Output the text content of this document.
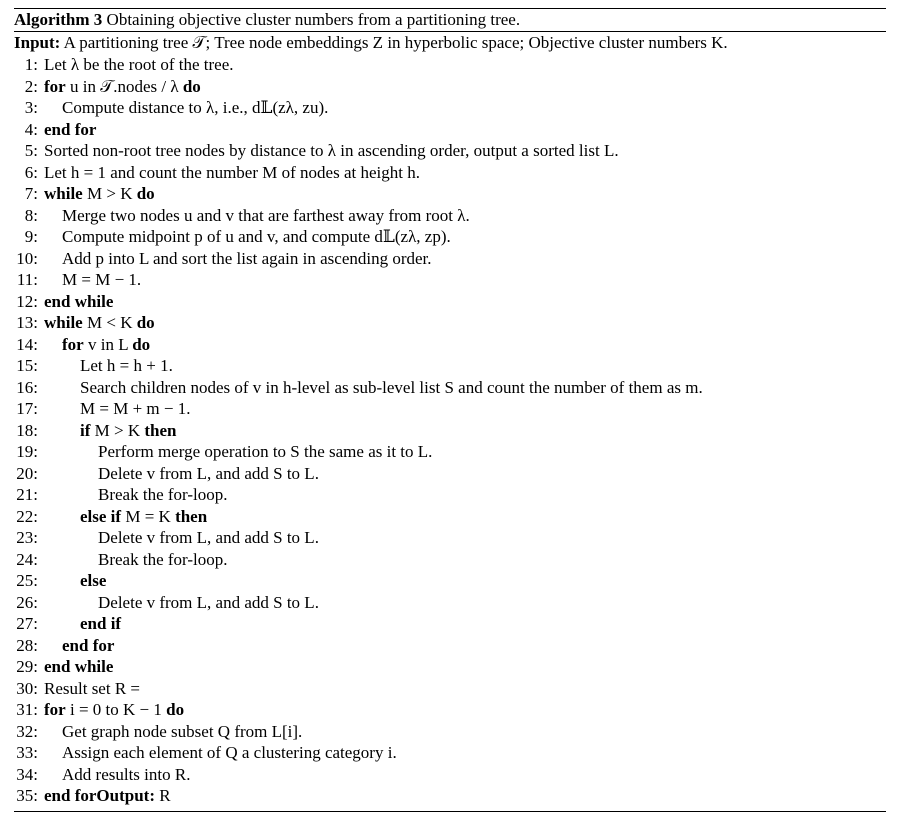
Algorithm 3 Obtaining objective cluster numbers from a partitioning tree.
Input: A partitioning tree 𝒯; Tree node embeddings Z in hyperbolic space; Objective cluster numbers K.
1: Let λ be the root of the tree.
2: for u in 𝒯.nodes / λ do
3: Compute distance to λ, i.e., d𝕃(zλ, zu).
4: end for
5: Sorted non-root tree nodes by distance to λ in ascending order, output a sorted list L.
6: Let h = 1 and count the number M of nodes at height h.
7: while M > K do
8: Merge two nodes u and v that are farthest away from root λ.
9: Compute midpoint p of u and v, and compute d𝕃(zλ, zp).
10: Add p into L and sort the list again in ascending order.
11: M = M − 1.
12: end while
13: while M < K do
14: for v in L do
15: Let h = h + 1.
16: Search children nodes of v in h-level as sub-level list S and count the number of them as m.
17: M = M + m − 1.
18: if M > K then
19:	Perform merge operation to S the same as it to L.
20:	Delete v from L, and add S to L.
21:	Break the for-loop.
22: else if M = K then
23:	Delete v from L, and add S to L.
24:	Break the for-loop.
25: else
26:	Delete v from L, and add S to L.
27: end if
28: end for
29: end while
30: Result set R =
31: for i = 0 to K − 1 do
32: Get graph node subset Q from L[i].
33: Assign each element of Q a clustering category i.
34: Add results into R.
35: end forOutput: R
